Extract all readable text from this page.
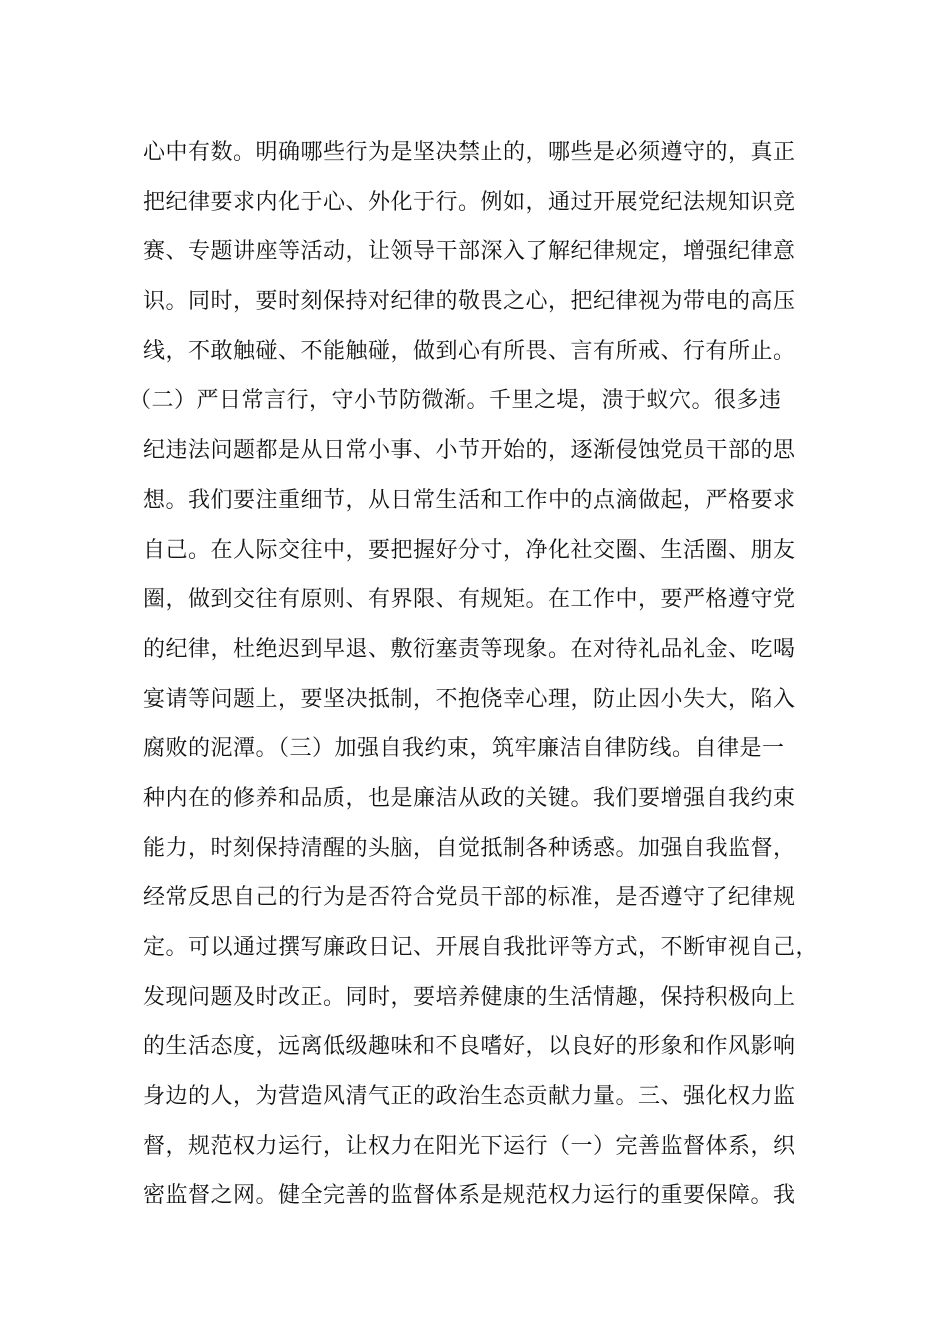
心中有数。明确哪些行为是坚决禁止的，哪些是必须遵守的，真正

把纪律要求内化于心、外化于行。例如，通过开展党纪法规知识竞

赛、专题讲座等活动，让领导干部深入了解纪律规定，增强纪律意

识。同时，要时刻保持对纪律的敬畏之心，把纪律视为带电的高压

线，不敢触碰、不能触碰，做到心有所畏、言有所戒、行有所止。

（二）严日常言行，守小节防微渐。千里之堤，溃于蚁穴。很多违

纪违法问题都是从日常小事、小节开始的，逐渐侵蚀党员干部的思

想。我们要注重细节，从日常生活和工作中的点滴做起，严格要求

自己。在人际交往中，要把握好分寸，净化社交圈、生活圈、朋友

圈，做到交往有原则、有界限、有规矩。在工作中，要严格遵守党

的纪律，杜绝迟到早退、敷衍塞责等现象。在对待礼品礼金、吃喝

宴请等问题上，要坚决抵制，不抱侥幸心理，防止因小失大，陷入

腐败的泥潭。（三）加强自我约束，筑牢廉洁自律防线。自律是一

种内在的修养和品质，也是廉洁从政的关键。我们要增强自我约束

能力，时刻保持清醒的头脑，自觉抵制各种诱惑。加强自我监督，

经常反思自己的行为是否符合党员干部的标准，是否遵守了纪律规

定。可以通过撰写廉政日记、开展自我批评等方式，不断审视自己，

发现问题及时改正。同时，要培养健康的生活情趣，保持积极向上

的生活态度，远离低级趣味和不良嗜好，以良好的形象和作风影响

身边的人，为营造风清气正的政治生态贡献力量。三、强化权力监

督，规范权力运行，让权力在阳光下运行（一）完善监督体系，织

密监督之网。健全完善的监督体系是规范权力运行的重要保障。我
